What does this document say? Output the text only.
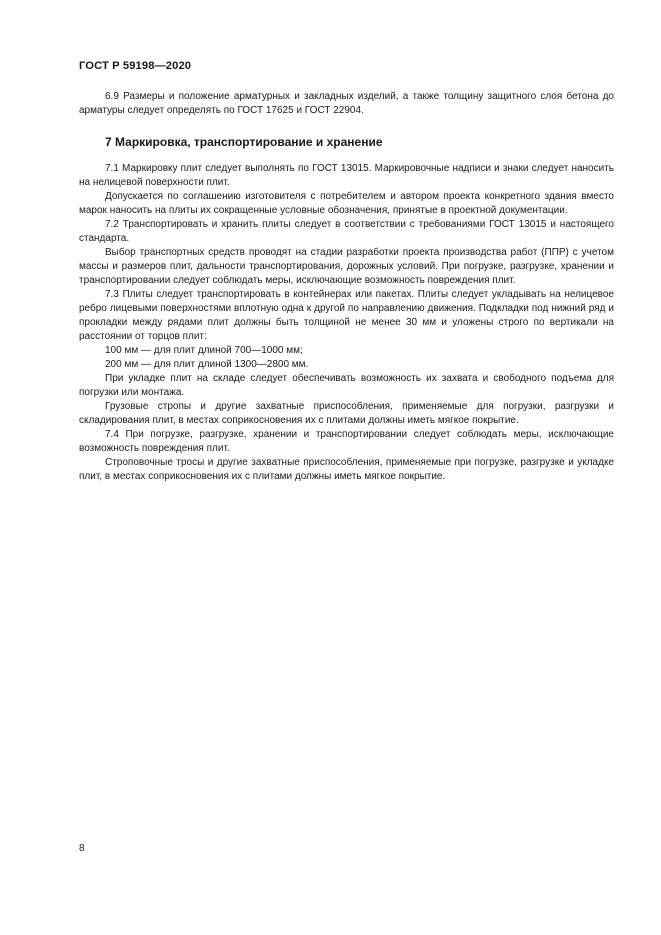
ГОСТ Р 59198—2020

6.9 Размеры и положение арматурных и закладных изделий, а также толщину защитного слоя бетона до арматуры следует определять по ГОСТ 17625 и ГОСТ 22904.

7 Маркировка, транспортирование и хранение

7.1 Маркировку плит следует выполнять по ГОСТ 13015. Маркировочные надписи и знаки следует наносить на нелицевой поверхности плит.

Допускается по соглашению изготовителя с потребителем и автором проекта конкретного здания вместо марок наносить на плиты их сокращенные условные обозначения, принятые в проектной документации.

7.2 Транспортировать и хранить плиты следует в соответствии с требованиями ГОСТ 13015 и настоящего стандарта.

Выбор транспортных средств проводят на стадии разработки проекта производства работ (ППР) с учетом массы и размеров плит, дальности транспортирования, дорожных условий. При погрузке, разгрузке, хранении и транспортировании следует соблюдать меры, исключающие возможность повреждения плит.

7.3 Плиты следует транспортировать в контейнерах или пакетах. Плиты следует укладывать на нелицевое ребро лицевыми поверхностями вплотную одна к другой по направлению движения. Подкладки под нижний ряд и прокладки между рядами плит должны быть толщиной не менее 30 мм и уложены строго по вертикали на расстоянии от торцов плит:

100 мм — для плит длиной 700—1000 мм;

200 мм — для плит длиной 1300—2800 мм.

При укладке плит на складе следует обеспечивать возможность их захвата и свободного подъема для погрузки или монтажа.

Грузовые стропы и другие захватные приспособления, применяемые для погрузки, разгрузки и складирования плит, в местах соприкосновения их с плитами должны иметь мягкое покрытие.

7.4 При погрузке, разгрузке, хранении и транспортировании следует соблюдать меры, исключающие возможность повреждения плит.

Строповочные тросы и другие захватные приспособления, применяемые при погрузке, разгрузке и укладке плит, в местах соприкосновения их с плитами должны иметь мягкое покрытие.

8
